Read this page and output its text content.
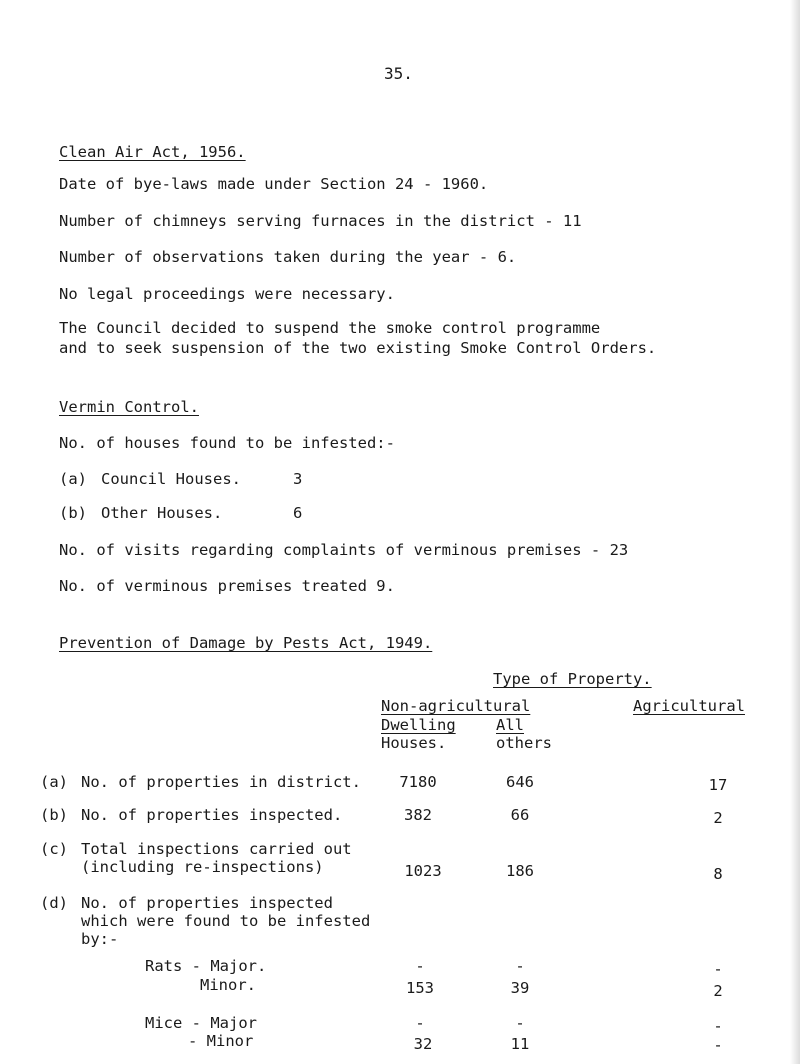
35.
Clean Air Act, 1956.
Date of bye-laws made under Section 24 - 1960.
Number of chimneys serving furnaces in the district - 11
Number of observations taken during the year - 6.
No legal proceedings were necessary.
The Council decided to suspend the smoke control programme
and to seek suspension of the two existing Smoke Control Orders.
Vermin Control.
No. of houses found to be infested:-
(a) Council Houses.	3
(b) Other Houses.	6
No. of visits regarding complaints of verminous premises - 23
No. of verminous premises treated 9.
Prevention of Damage by Pests Act, 1949.
Type of Property.
Non-agricultural	Agricultural
Dwelling	All
Houses.	others
(a) No. of properties in district.	7180	646	17
(b) No. of properties inspected.	382	66	2
(c) Total inspections carried out
(including re-inspections)	1023	186	8
(d) No. of properties inspected
which were found to be infested
by:-
Rats - Major.	-	-	-
Minor.	153	39	2
Mice - Major	-	-	-
- Minor	32	11	-
